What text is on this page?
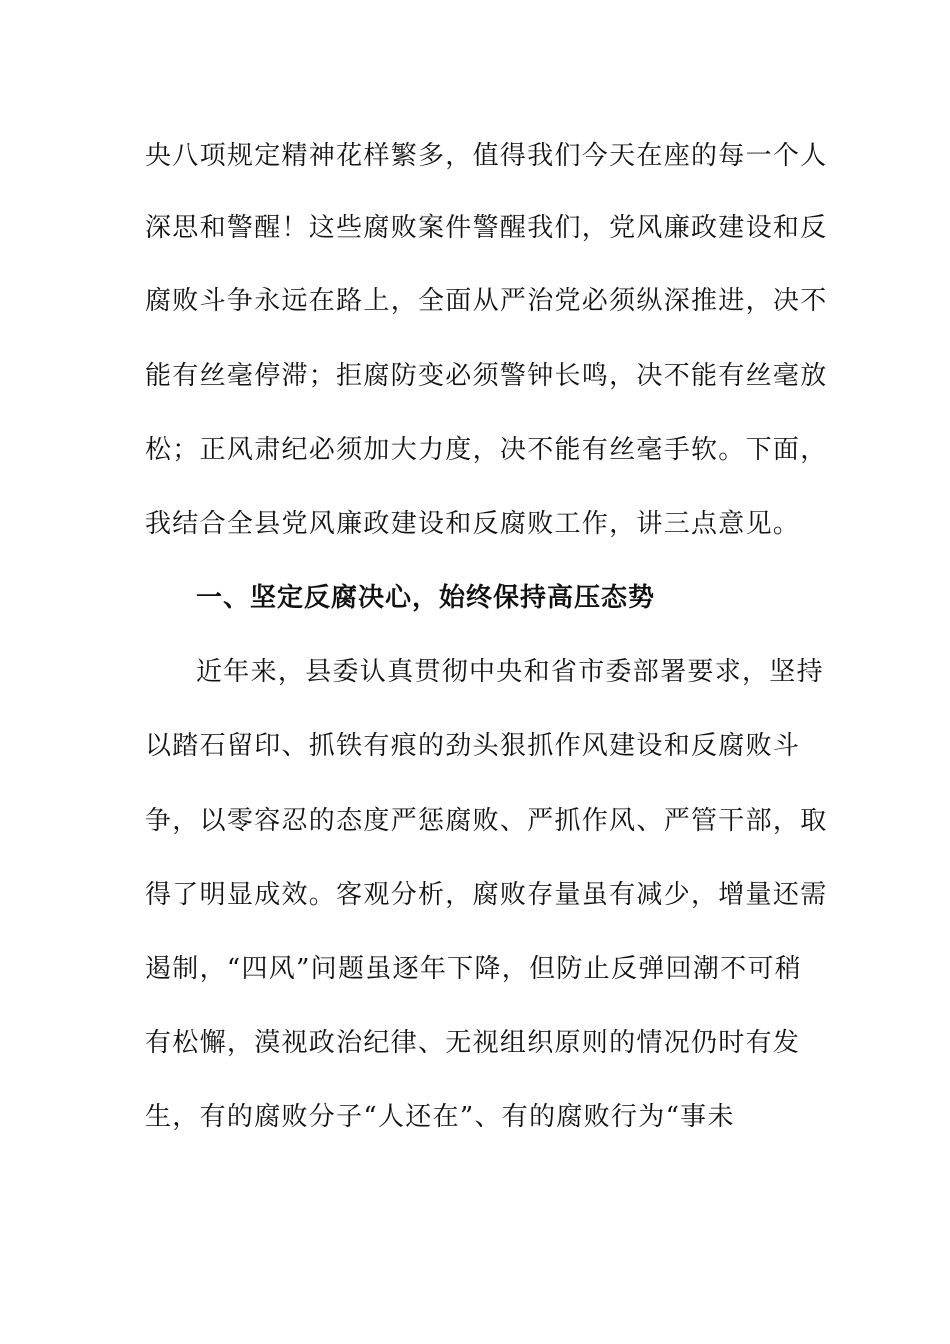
央八项规定精神花样繁多，值得我们今天在座的每一个人
深思和警醒！这些腐败案件警醒我们，党风廉政建设和反
腐败斗争永远在路上，全面从严治党必须纵深推进，决不
能有丝毫停滞；拒腐防变必须警钟长鸣，决不能有丝毫放
松；正风肃纪必须加大力度，决不能有丝毫手软。下面，
我结合全县党风廉政建设和反腐败工作，讲三点意见。
一、坚定反腐决心，始终保持高压态势
近年来，县委认真贯彻中央和省市委部署要求，坚持
以踏石留印、抓铁有痕的劲头狠抓作风建设和反腐败斗
争，以零容忍的态度严惩腐败、严抓作风、严管干部，取
得了明显成效。客观分析，腐败存量虽有减少，增量还需
遏制，“四风”问题虽逐年下降，但防止反弹回潮不可稍
有松懈，漠视政治纪律、无视组织原则的情况仍时有发
生，有的腐败分子“人还在”、有的腐败行为“事未
